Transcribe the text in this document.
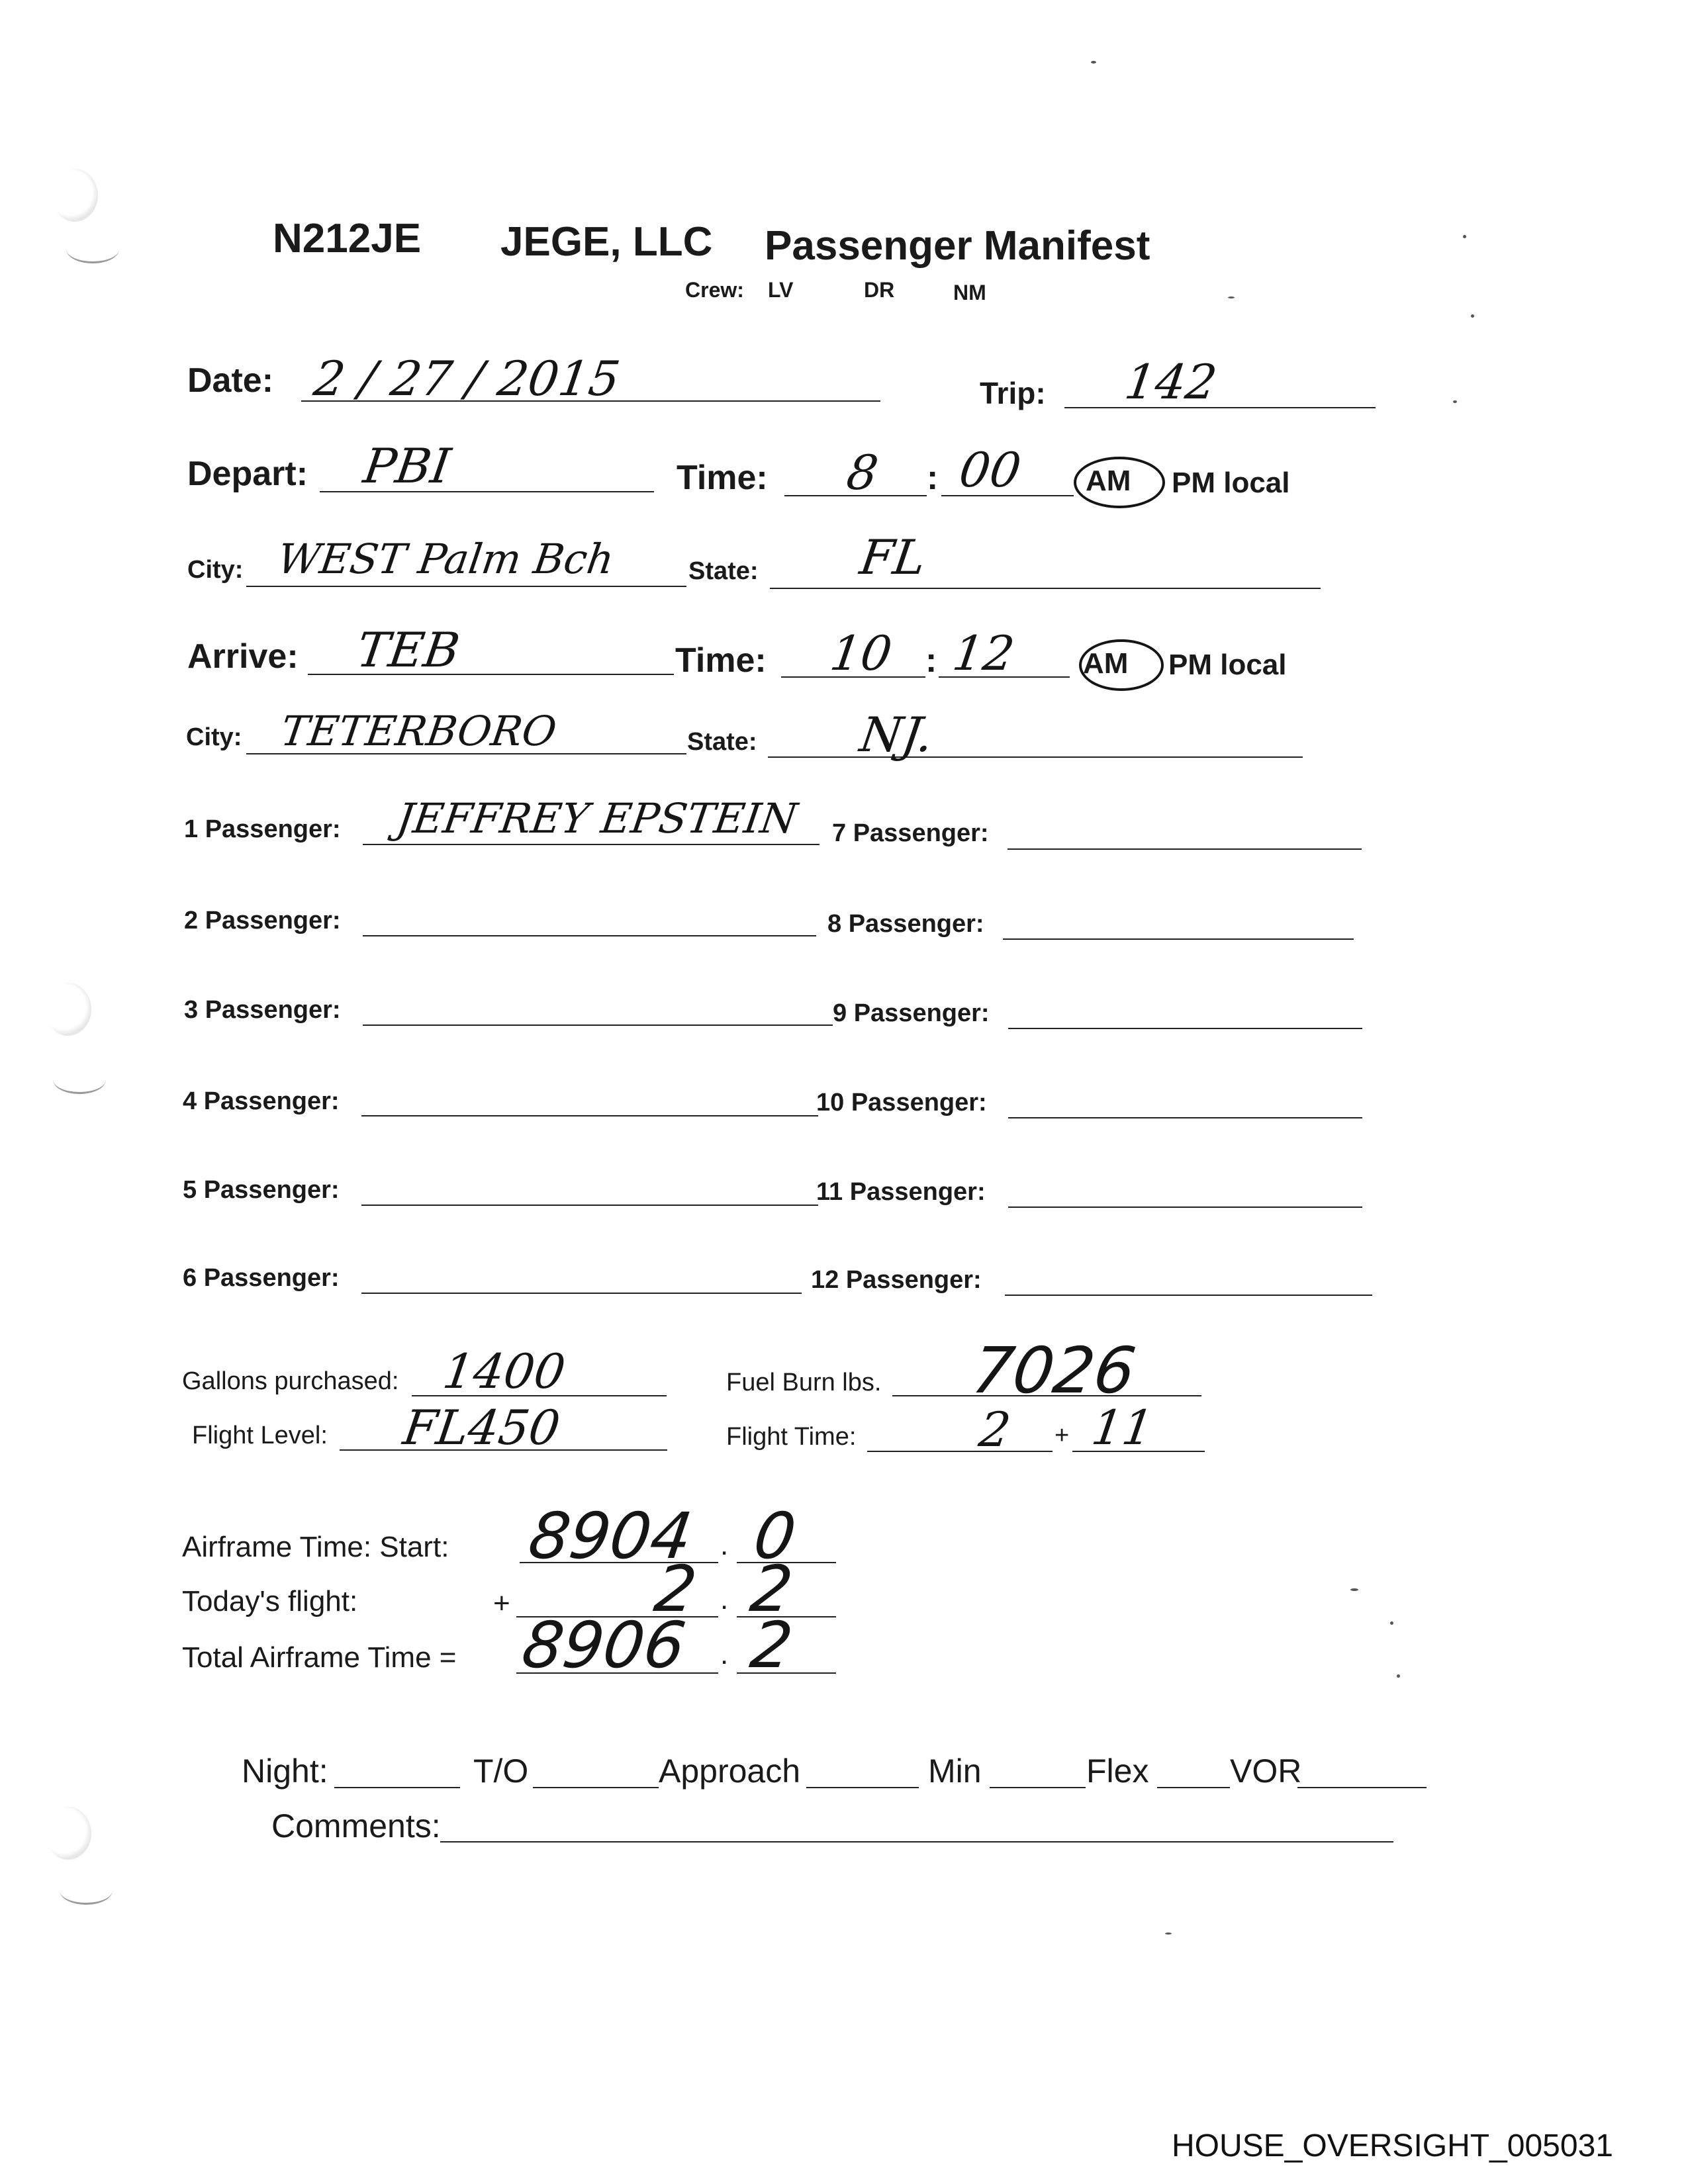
N212JE JEGE, LLC Passenger Manifest
Crew: LV	DR	NM
Date: 2 / 27 / 2015	Trip: 142
Depart: PBI	Time: 8 : 00 AM PM local
City: WEST Palm Bch	State: FL
Arrive: TEB	Time: 10 : 12 AM PM local
City: TETERBORO	State: NJ.
1 Passenger: JEFFREY EPSTEIN
2 Passenger:
3 Passenger:
4 Passenger:
5 Passenger:
6 Passenger:
7 Passenger:
8 Passenger:
9 Passenger:
10 Passenger:
11 Passenger:
12 Passenger:
Gallons purchased: 1400	Fuel Burn lbs. 7026
Flight Level: FL450	Flight Time:	2 + 11
Airframe Time: Start: 8904 . 0
Today's flight:	+ 2 . 2
Total Airframe Time = 8906 . 2
Night:	T/O	Approach	Min	Flex VOR
Comments:
HOUSE_OVERSIGHT_005031
